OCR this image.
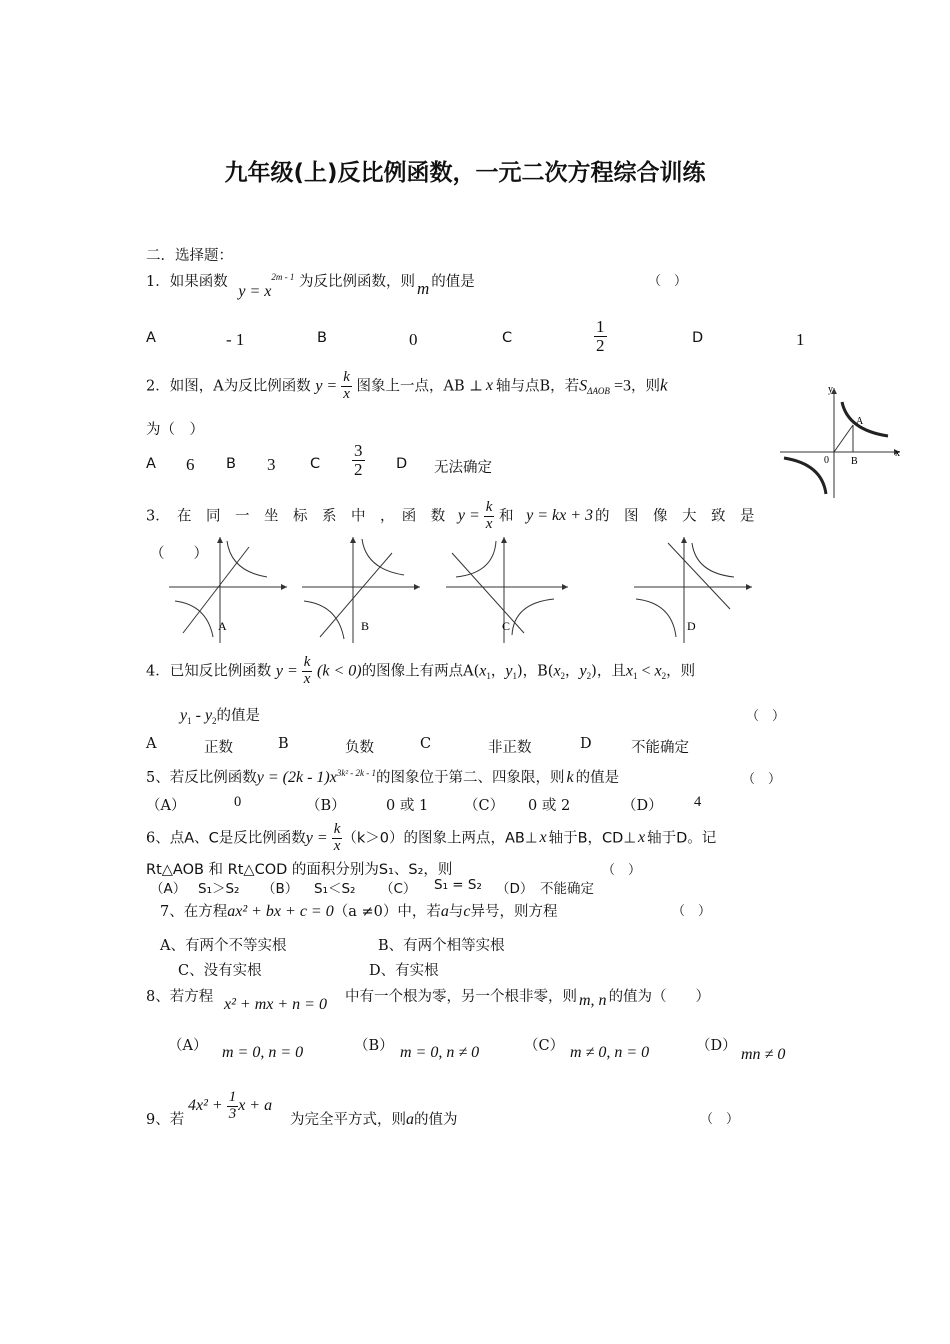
九年级(上)反比例函数，一元二次方程综合训练
二．选择题：
1．如果函数 $y = x^{2m - 1}$ 为反比例函数，则 m 的值是	（　）
A	- 1	B	0	C	$\frac{1}{2}$	D	1
2．如图，A为反比例函数 $y = \frac{k}{x}$ 图象上一点，AB ⊥ x 轴与点B，若$S_{\Delta AOB} =3$，则k
为（　）
A 6 B 3 C $\frac{3}{2}$ D 无法确定
y
x
0
A
B
3．　在　同　一　坐　标　系　中　，　函　数 $y = \frac{k}{x}$ 和 y = kx + 3 的　图　像　大　致　是
（　　）
A	B	C	D
4．已知反比例函数 $y = \frac{k}{x} (k < 0)$的图像上有两点$A(x_1$，$y_1$)，$B(x_2$，$y_2$)，且$x_1 < x_2$，则
$y_1 - y_2$的值是	（　）
A	正数	B	负数	C	非正数	D	不能确定
5、若反比例函数$y = (2k - 1)x^{3k^2 - 2k - 1}$的图象位于第二、四象限，则 k 的值是	（　）
（A）	0	（B）	0 或 1 （C） 0 或 2	（D） 4
6、点A、C是反比例函数$y = \frac{k}{x} (k>0)$的图象上两点，AB⊥ x 轴于B，CD⊥ x 轴于D。记
Rt△AOB 和 Rt△COD 的面积分别为S₁、S₂，则	（　）
（A） S₁＞S₂ （B） S₁＜S₂ （C） S₁ = S₂ （D） 不能确定
7、在方程ax² + bx + c = 0（a ≠0）中，若a与c异号，则方程	（　）
A、有两个不等实根	B、有两个相等实根
C、没有实根	D、有实根
8、若方程 x² + mx + n = 0 中有一个根为零，另一个根非零，则 m, n 的值为（　　）
（A） m = 0, n = 0	（B） m = 0, n ≠ 0	（C） m ≠ 0, n = 0	（D） mn ≠ 0
9、若
$4x^2 + \frac{1}{3}$ x + a
为完全平方式，则a的值为	（　）
